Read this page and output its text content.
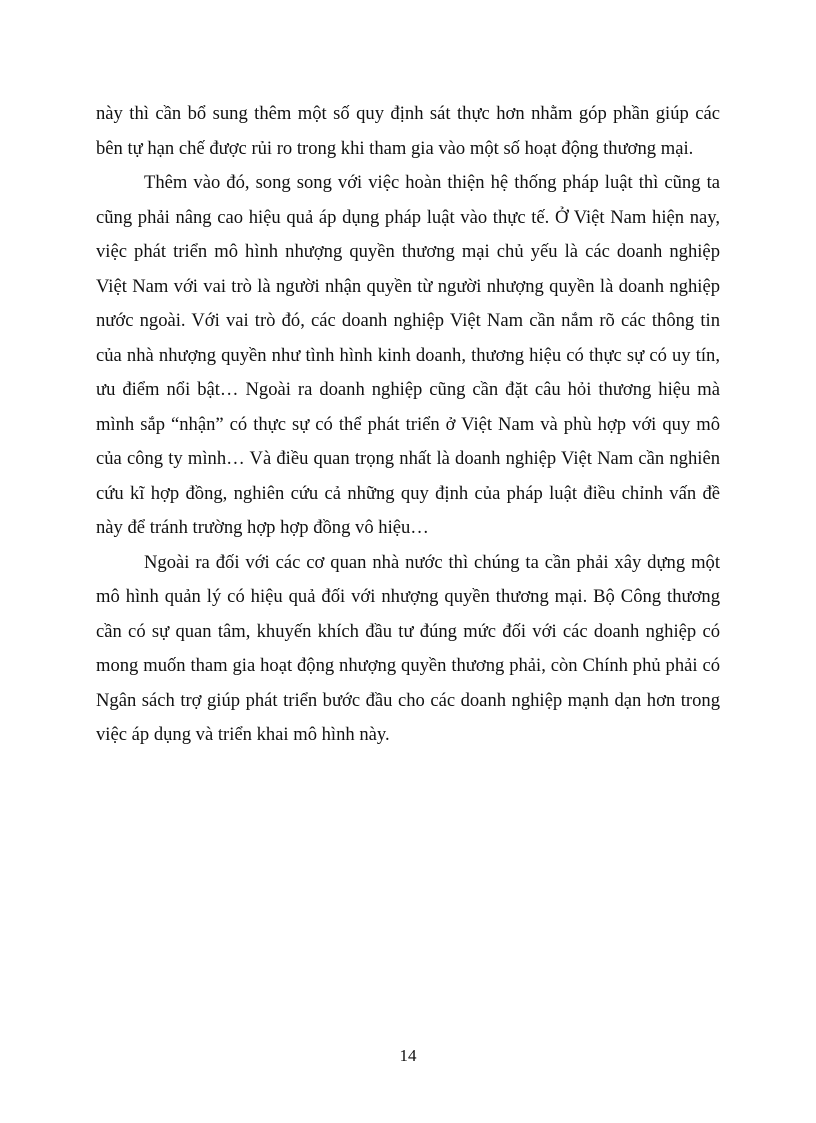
này thì cần bổ sung thêm một số quy định sát thực hơn nhằm góp phần giúp các
bên tự hạn chế được rủi ro trong khi tham gia vào một số hoạt động thương mại.
Thêm vào đó, song song với việc hoàn thiện hệ thống pháp luật thì cũng ta
cũng phải nâng cao hiệu quả áp dụng pháp luật vào thực tế. Ở Việt Nam hiện nay,
việc phát triển mô hình nhượng quyền thương mại chủ yếu là các doanh nghiệp
Việt Nam với vai trò là người nhận quyền từ người nhượng quyền là doanh nghiệp
nước ngoài. Với vai trò đó, các doanh nghiệp Việt Nam cần nắm rõ các thông tin
của nhà nhượng quyền như tình hình kinh doanh, thương hiệu có thực sự có uy tín,
ưu điểm nổi bật… Ngoài ra doanh nghiệp cũng cần đặt câu hỏi thương hiệu mà
mình sắp “nhận” có thực sự có thể phát triển ở Việt Nam và phù hợp với quy mô
của công ty mình… Và điều quan trọng nhất là doanh nghiệp Việt Nam cần nghiên
cứu kĩ hợp đồng, nghiên cứu cả những quy định của pháp luật điều chỉnh vấn đề
này để tránh trường hợp hợp đồng vô hiệu…
Ngoài ra đối với các cơ quan nhà nước thì chúng ta cần phải xây dựng một
mô hình quản lý có hiệu quả đối với nhượng quyền thương mại. Bộ Công thương
cần có sự quan tâm, khuyến khích đầu tư đúng mức đối với các doanh nghiệp có
mong muốn tham gia hoạt động nhượng quyền thương phải, còn Chính phủ phải có
Ngân sách trợ giúp phát triển bước đầu cho các doanh nghiệp mạnh dạn hơn trong
việc áp dụng và triển khai mô hình này.
14
